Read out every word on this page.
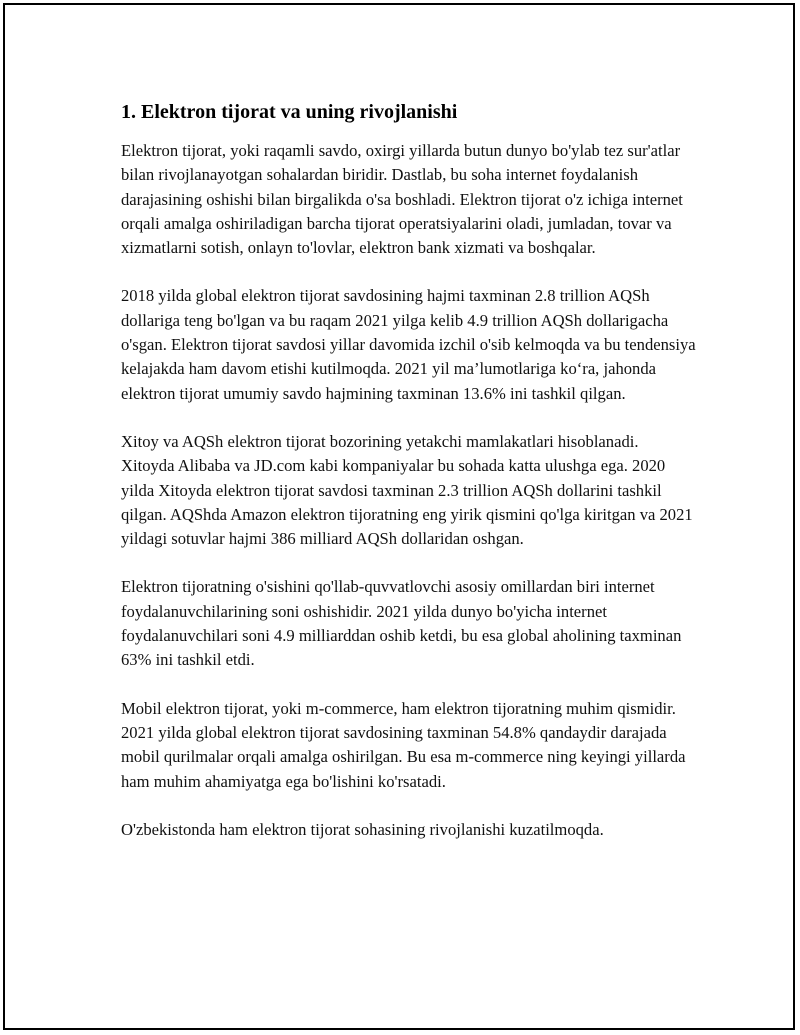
1. Elektron tijorat va uning rivojlanishi

Elektron tijorat, yoki raqamli savdo, oxirgi yillarda butun dunyo bo'ylab tez sur'atlar bilan rivojlanayotgan sohalardan biridir. Dastlab, bu soha internet foydalanish darajasining oshishi bilan birgalikda o'sa boshladi. Elektron tijorat o'z ichiga internet orqali amalga oshiriladigan barcha tijorat operatsiyalarini oladi, jumladan, tovar va xizmatlarni sotish, onlayn to'lovlar, elektron bank xizmati va boshqalar.

2018 yilda global elektron tijorat savdosining hajmi taxminan 2.8 trillion AQSh dollariga teng bo'lgan va bu raqam 2021 yilga kelib 4.9 trillion AQSh dollarigacha o'sgan. Elektron tijorat savdosi yillar davomida izchil o'sib kelmoqda va bu tendensiya kelajakda ham davom etishi kutilmoqda. 2021 yil ma’lumotlariga ko‘ra, jahonda elektron tijorat umumiy savdo hajmining taxminan 13.6% ini tashkil qilgan.

Xitoy va AQSh elektron tijorat bozorining yetakchi mamlakatlari hisoblanadi. Xitoyda Alibaba va JD.com kabi kompaniyalar bu sohada katta ulushga ega. 2020 yilda Xitoyda elektron tijorat savdosi taxminan 2.3 trillion AQSh dollarini tashkil qilgan. AQShda Amazon elektron tijoratning eng yirik qismini qo'lga kiritgan va 2021 yildagi sotuvlar hajmi 386 milliard AQSh dollaridan oshgan.

Elektron tijoratning o'sishini qo'llab-quvvatlovchi asosiy omillardan biri internet foydalanuvchilarining soni oshishidir. 2021 yilda dunyo bo'yicha internet foydalanuvchilari soni 4.9 milliarddan oshib ketdi, bu esa global aholining taxminan 63% ini tashkil etdi.

Mobil elektron tijorat, yoki m-commerce, ham elektron tijoratning muhim qismidir. 2021 yilda global elektron tijorat savdosining taxminan 54.8% qandaydir darajada mobil qurilmalar orqali amalga oshirilgan. Bu esa m-commerce ning keyingi yillarda ham muhim ahamiyatga ega bo'lishini ko'rsatadi.

O'zbekistonda ham elektron tijorat sohasining rivojlanishi kuzatilmoqda.
